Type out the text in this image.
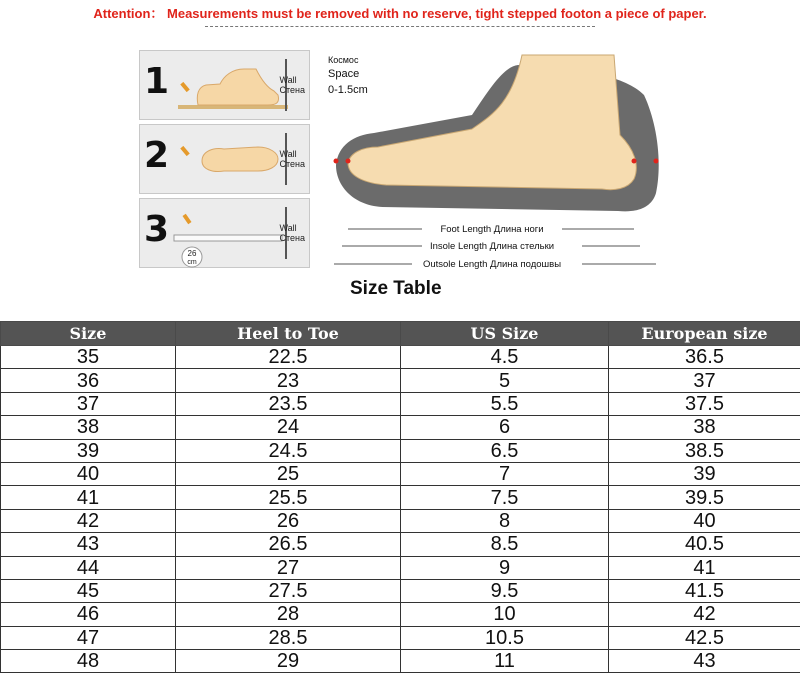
Attention： Measurements must be removed with no reserve, tight stepped footon a piece of paper.
1	Wall
Стена
2	Wall
Стена
3
26
cm
Wall
Стена
Космос
Space
0-1.5cm
Foot Length Длина ноги
Insole Length Длина стельки
Outsole Length Длина подошвы
Size Table
Size	Heel to Toe	US Size	European size
35	22.5	4.5	36.5
36	23	5	37
37	23.5	5.5	37.5
38	24	6	38
39	24.5	6.5	38.5
40	25	7	39
41	25.5	7.5	39.5
42	26	8	40
43	26.5	8.5	40.5
44	27	9	41
45	27.5	9.5	41.5
46	28	10	42
47	28.5	10.5	42.5
48	29	11	43
